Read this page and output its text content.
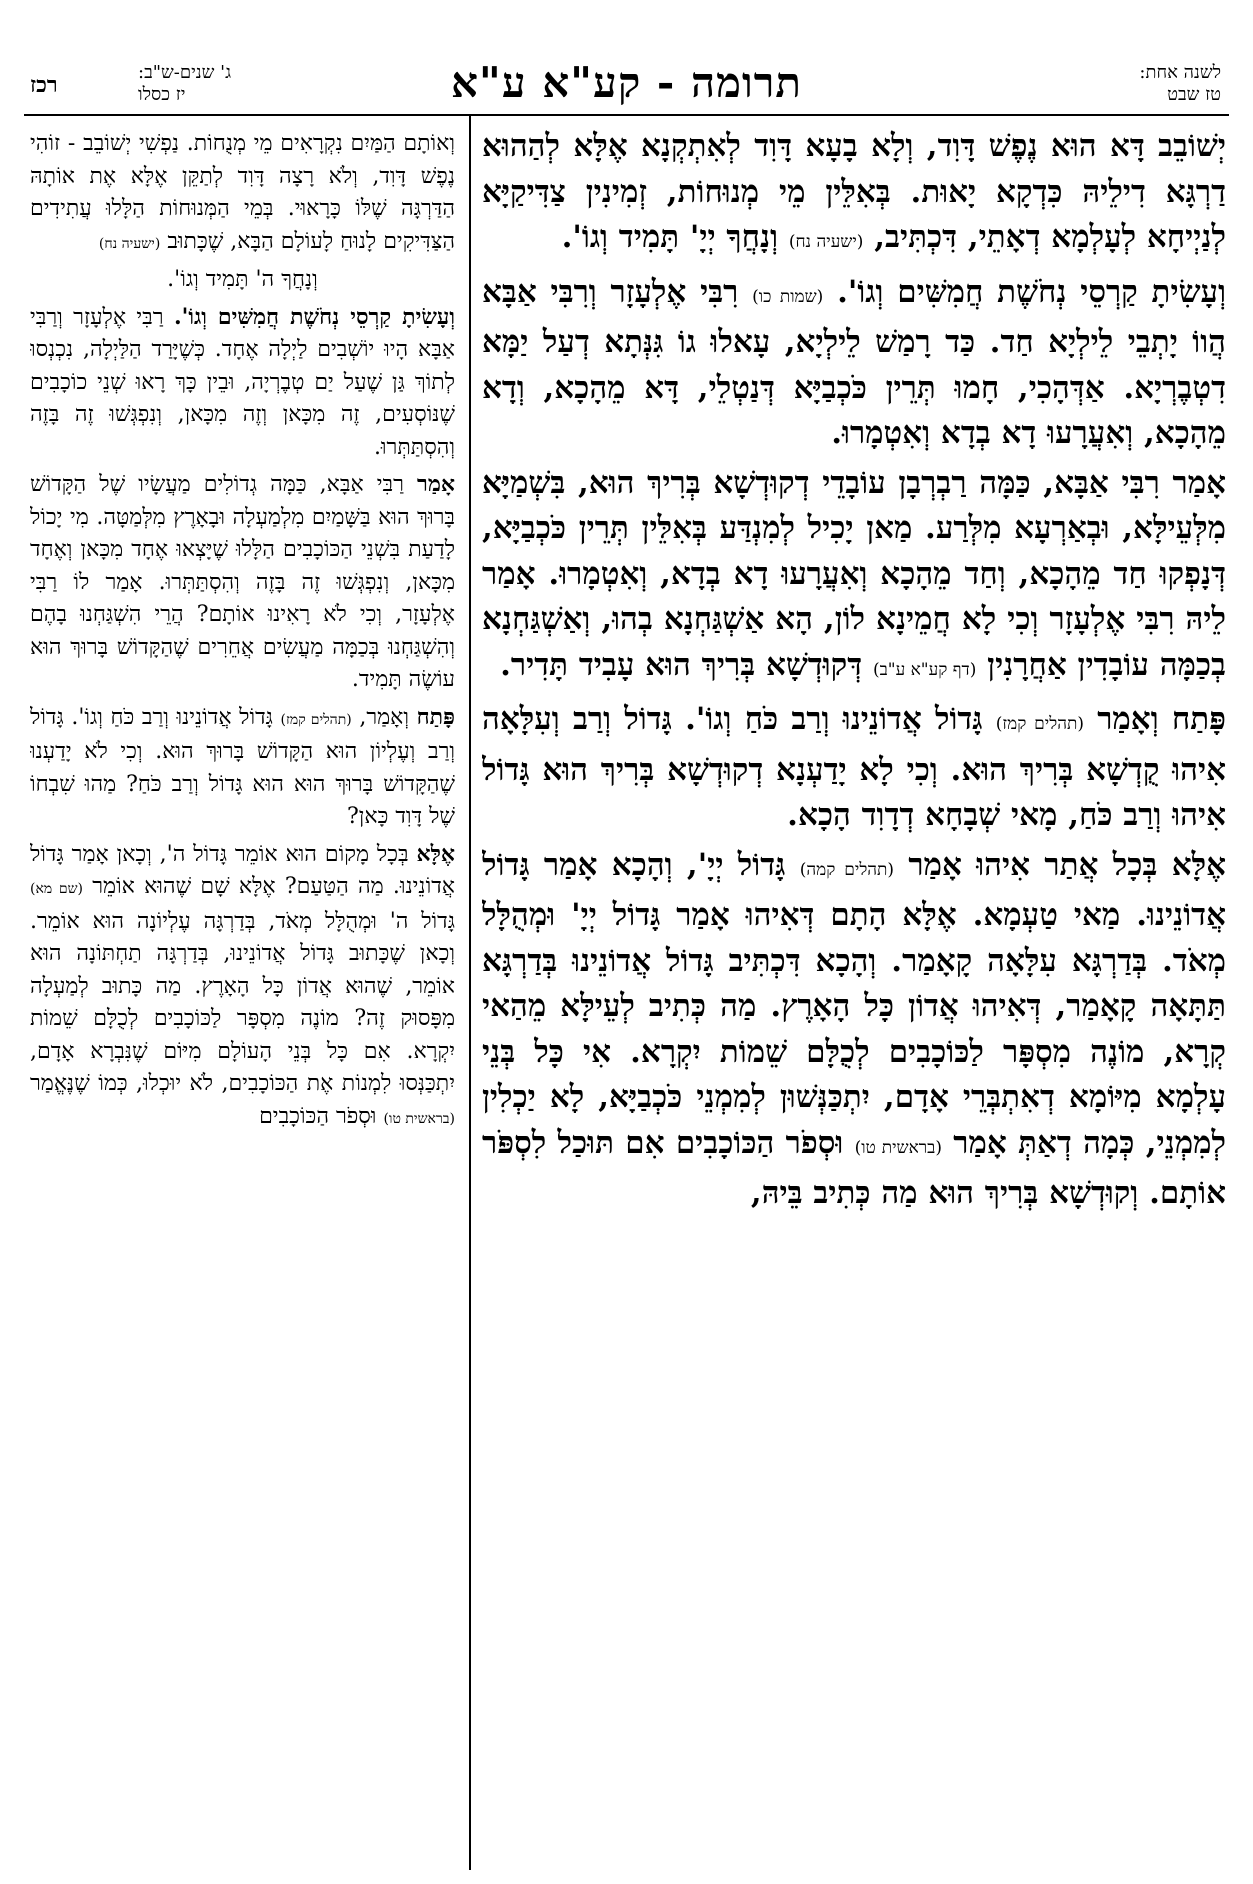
לשנה אחת:
טז שבט
תרומה - קע"א ע"א
ג' שנים-ש"ב:
יז כסלו
רכז

יְשׁוֹבֵב דָּא הוּא נֶפֶשׁ דָּוִד, וְלָא בָעָא דָּוִד לְאִתְקְנָא אֶלָּא לְהַהוּא דַרְגָּא דִילֵיהּ כִּדְקָא יָאוּת. בְּאִלֵּין מֵי מְנוּחוֹת, זְמִינִין צַדִּיקַיָּא לְנַיְיחָא לְעָלְמָא דְאָתֵי, דִּכְתִּיב, (ישעיה נח) וְנָחֲךָ יְיָ' תָּמִיד וְגוֹ'.

וְעָשִׂיתָ קַרְסֵי נְחֹשֶׁת חֲמִשִּׁים וְגוֹ'. (שמות כו) רִבִּי אֶלְעָזָר וְרִבִּי אַבָּא הֲווֹ יָתְבֵי לֵילְיָא חַד. כַּד רָמַשׁ לֵילְיָא, עָאלוּ גוֹ גִּנְּתָא דְעַל יַמָּא דִטְבֶרְיָא. אַדְּהָכִי, חָמוּ תְּרֵין כֹּכְבַיָּא דְּנַטְלֵי, דָּא מֵהָכָא, וְדָא מֵהָכָא, וְאִעֲרָעוּ דָא בְדָא וְאִטְמָרוּ.

אָמַר רִבִּי אַבָּא, כַּמָּה רַבְרְבָן עוֹבָדֵי דְקוּדְשָׁא בְּרִיךְ הוּא, בִּשְׁמַיָּא מִלְּעֵילָּא, וּבְאַרְעָא מִלְּרַע. מַאן יָכִיל לְמִנְדַּע בְּאִלֵּין תְּרֵין כֹּכְבַיָּא, דְּנָפְקוּ חַד מֵהָכָא, וְחַד מֵהָכָא וְאִעֲרָעוּ דָא בְדָא, וְאִטְמָרוּ. אָמַר לֵיהּ רִבִּי אֶלְעָזָר וְכִי לָא חֲמֵינָא לוֹן, הָא אַשְׁגַּחְנָא בְהוּ, וְאַשְׁגַּחְנָא בְכַמָּה עוֹבָדִין אַחֲרָנִין (דף קע"א ע"ב) דְּקוּדְשָׁא בְּרִיךְ הוּא עָבִיד תָּדִיר.

פָּתַח וְאָמַר (תהלים קמז) גָּדוֹל אֲדוֹנֵינוּ וְרַב כֹּחַ וְגוֹ'. גָּדוֹל וְרַב וְעִלָּאָה אִיהוּ קֻדְשָׁא בְּרִיךְ הוּא. וְכִי לָא יָדַעְנָא דְקוּדְשָׁא בְּרִיךְ הוּא גָּדוֹל אִיהוּ וְרַב כֹּחַ, מָאי שְׁבָחָא דְדָוִד הָכָא.

אֶלָּא בְּכָל אֲתַר אִיהוּ אָמַר (תהלים קמה) גָּדוֹל יְיָ', וְהָכָא אָמַר גָּדוֹל אֲדוֹנֵינוּ. מַאי טַעְמָא. אֶלָּא הָתָם דְּאִיהוּ אָמַר גָּדוֹל יְיָ' וּמְהֻלָּל מְאֹד. בְּדַרְגָּא עִלָּאָה קָאָמַר. וְהָכָא דִּכְתִּיב גָּדוֹל אֲדוֹנֵינוּ בְּדַרְגָּא תַּתָּאָה קָאָמַר, דְּאִיהוּ אֲדוֹן כָּל הָאָרֶץ. מַה כְּתִיב לְעֵילָּא מֵהַאי קְרָא, מוֹנֶה מִסְפָּר לַכּוֹכָבִים לְכֻלָּם שֵׁמוֹת יִקְרָא. אִי כָּל בְּנֵי עָלְמָא מִיּוֹמָא דְאִתְבְּרֵי אָדָם, יִתְכַּנְּשׁוּן לְמִמְנֵי כֹּכְבַיָּא, לָא יַכְלִין לְמִמְנֵי, כְּמָה דְאַתְּ אָמַר (בראשית טו) וּסְפֹר הַכּוֹכָבִים אִם תּוּכַל לִסְפֹּר אוֹתָם. וְקוּדְשָׁא בְּרִיךְ הוּא מַה כְּתִיב בֵּיהּ,

וְאוֹתָם הַמַּיִם נִקְרָאִים מֵי מְנֻחוֹת. נַפְשִׁי יְשׁוֹבֵב - זוֹהִי נֶפֶשׁ דָּוִד, וְלֹא רָצָה דָּוִד לְתַקֵּן אֶלָּא אֶת אוֹתָהּ הַדַּרְגָּה שֶׁלּוֹ כָּרָאוּי. בְּמֵי הַמְּנוּחוֹת הַלָּלוּ עֲתִידִים הַצַּדִּיקִים לָנוּחַ לָעוֹלָם הַבָּא, שֶׁכָּתוּב (ישעיה נח)

וְנָחֲךָ ה' תָּמִיד וְגוֹ'.

וְעָשִׂיתָ קַרְסֵי נְחֹשֶׁת חֲמִשִּׁים וְגוֹ'. רַבִּי אֶלְעָזָר וְרַבִּי אַבָּא הָיוּ יוֹשְׁבִים לַיְלָה אֶחָד. כְּשֶׁיָּרַד הַלַּיְלָה, נִכְנְסוּ לְתוֹךְ גַּן שֶׁעַל יַם טְבֶרְיָה, וּבֵין כָּךְ רָאוּ שְׁנֵי כוֹכָבִים שֶׁנּוֹסְעִים, זֶה מִכָּאן וְזֶה מִכָּאן, וְנִפְגְּשׁוּ זֶה בָּזֶה וְהִסְתַּתְּרוּ.

אָמַר רַבִּי אַבָּא, כַּמָּה גְדוֹלִים מַעֲשָׂיו שֶׁל הַקָּדוֹשׁ בָּרוּךְ הוּא בַּשָּׁמַיִם מִלְמַעְלָה וּבָאָרֶץ מִלְּמַטָּה. מִי יָכוֹל לָדַעַת בִּשְׁנֵי הַכּוֹכָבִים הַלָּלוּ שֶׁיָּצְאוּ אֶחָד מִכָּאן וְאֶחָד מִכָּאן, וְנִפְגְּשׁוּ זֶה בָּזֶה וְהִסְתַּתְּרוּ. אָמַר לוֹ רַבִּי אֶלְעָזָר, וְכִי לֹא רָאִינוּ אוֹתָם? הֲרֵי הִשְׁגַּחְנוּ בָהֶם וְהִשְׁגַּחְנוּ בְּכַמָּה מַעֲשִׂים אֲחֵרִים שֶׁהַקָּדוֹשׁ בָּרוּךְ הוּא עוֹשֶׂה תָּמִיד.

פָּתַח וְאָמַר, (תהלים קמז) גָּדוֹל אֲדוֹנֵינוּ וְרַב כֹּחַ וְגוֹ'. גָּדוֹל וְרַב וְעֶלְיוֹן הוּא הַקָּדוֹשׁ בָּרוּךְ הוּא. וְכִי לֹא יָדַעְנוּ שֶׁהַקָּדוֹשׁ בָּרוּךְ הוּא הוּא גָּדוֹל וְרַב כֹּחַ? מַהוּ שִׁבְחוֹ שֶׁל דָּוִד כָּאן?

אֶלָּא בְּכָל מָקוֹם הוּא אוֹמֵר גָּדוֹל ה', וְכָאן אָמַר גָּדוֹל אֲדוֹנֵינוּ. מַה הַטַּעַם? אֶלָּא שָׁם שֶׁהוּא אוֹמֵר (שם מא) גָּדוֹל ה' וּמְהֻלָּל מְאֹד, בְּדַרְגָּה עֶלְיוֹנָה הוּא אוֹמֵר. וְכָאן שֶׁכָּתוּב גָּדוֹל אֲדוֹנֵינוּ, בְּדַרְגָּה תַחְתּוֹנָה הוּא אוֹמֵר, שֶׁהוּא אֲדוֹן כָּל הָאָרֶץ. מַה כָּתוּב לְמַעְלָה מִפָּסוּק זֶה? מוֹנֶה מִסְפָּר לַכּוֹכָבִים לְכֻלָּם שֵׁמוֹת יִקְרָא. אִם כָּל בְּנֵי הָעוֹלָם מִיּוֹם שֶׁנִּבְרָא אָדָם, יִתְכַּנְּסוּ לִמְנוֹת אֶת הַכּוֹכָבִים, לֹא יוּכְלוּ, כְּמוֹ שֶׁנֶּאֱמַר (בראשית טו) וּסְפֹר הַכּוֹכָבִים
